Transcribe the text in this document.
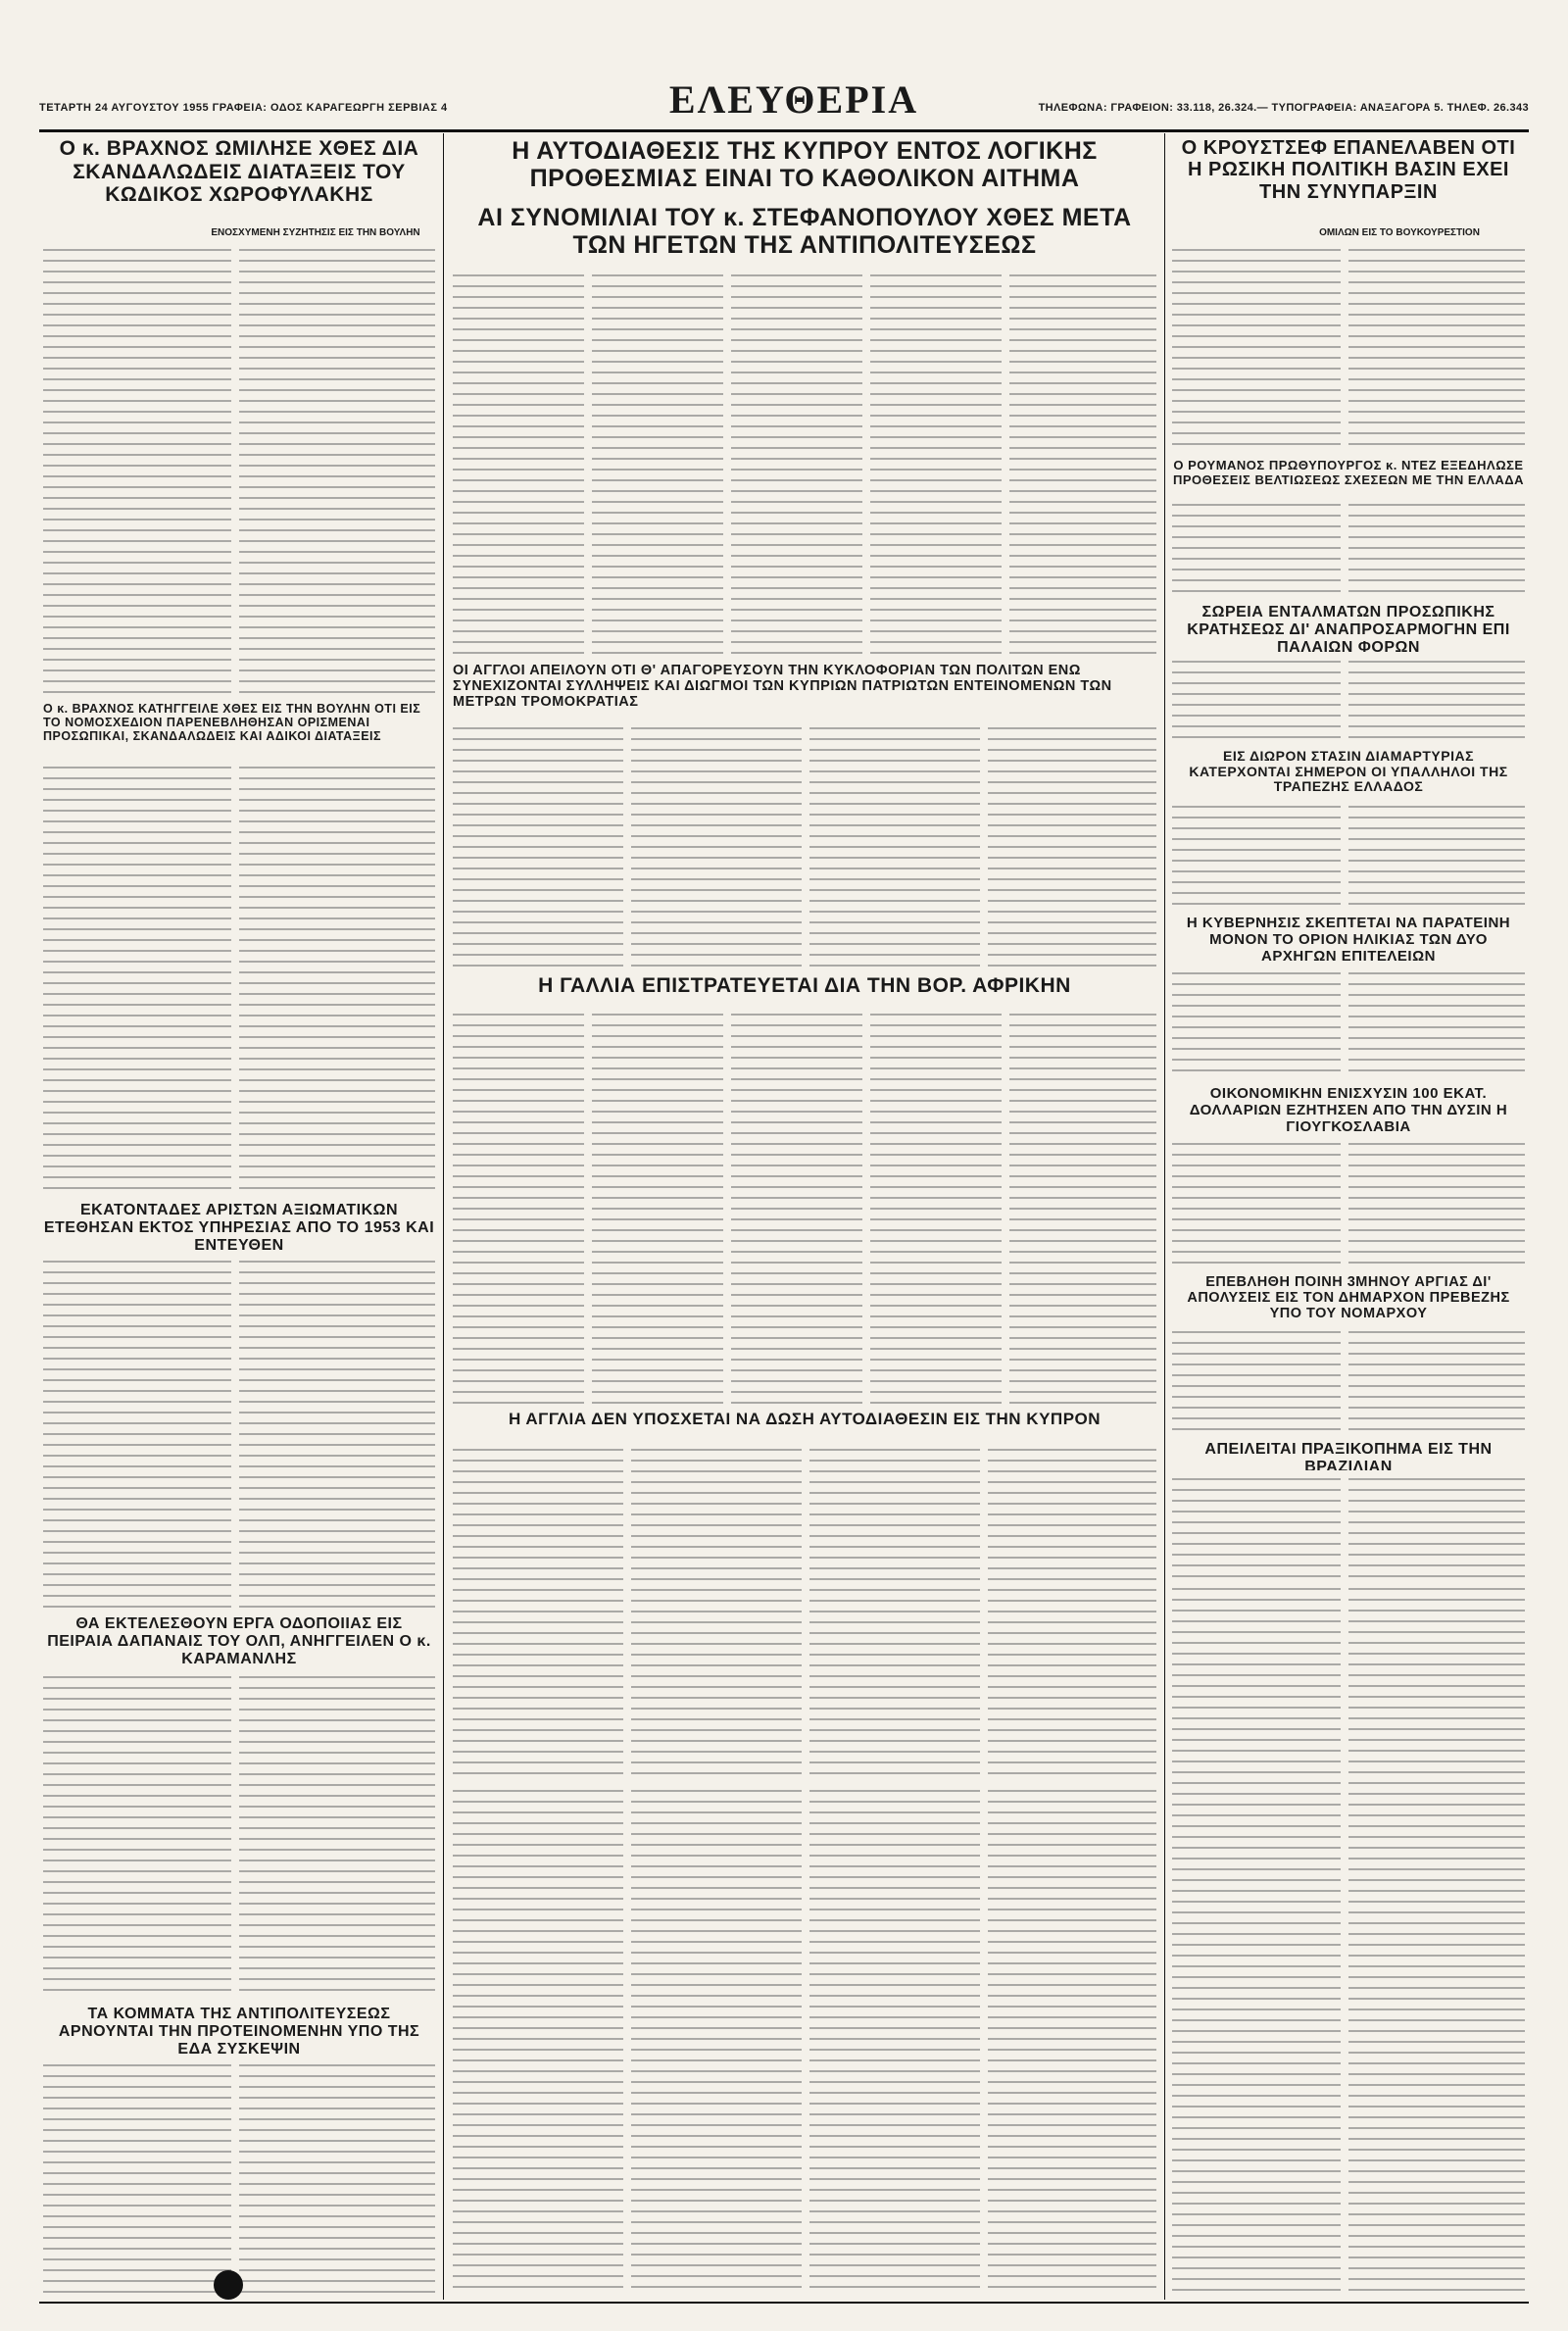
ΤΕΤΑΡΤΗ 24 ΑΥΓΟΥΣΤΟΥ 1955 ΓΡΑΦΕΙΑ: ΟΔΟΣ ΚΑΡΑΓΕΩΡΓΗ ΣΕΡΒΙΑΣ 4	ΕΛΕΥΘΕΡΙΑ	ΤΗΛΕΦΩΝΑ: ΓΡΑΦΕΙΟΝ: 33.118, 26.324.— ΤΥΠΟΓΡΑΦΕΙΑ: ΑΝΑΞΑΓΟΡΑ 5. ΤΗΛΕΦ. 26.343
Ο κ. ΒΡΑΧΝΟΣ ΩΜΙΛΗΣΕ ΧΘΕΣ ΔΙΑ ΣΚΑΝΔΑΛΩΔΕΙΣ ΔΙΑΤΑΞΕΙΣ ΤΟΥ ΚΩΔΙΚΟΣ ΧΩΡΟΦΥΛΑΚΗΣ
ΕΝΟΣΧΥΜΕΝΗ ΣΥΖΗΤΗΣΙΣ ΕΙΣ ΤΗΝ ΒΟΥΛΗΝ
Ο κ. ΒΡΑΧΝΟΣ ΚΑΤΗΓΓΕΙΛΕ ΧΘΕΣ ΕΙΣ ΤΗΝ ΒΟΥΛΗΝ ΟΤΙ ΕΙΣ ΤΟ ΝΟΜΟΣΧΕΔΙΟΝ ΠΑΡΕΝΕΒΛΗΘΗΣΑΝ ΟΡΙΣΜΕΝΑΙ ΠΡΟΣΩΠΙΚΑΙ, ΣΚΑΝΔΑΛΩΔΕΙΣ ΚΑΙ ΑΔΙΚΟΙ ΔΙΑΤΑΞΕΙΣ
ΕΚΑΤΟΝΤΑΔΕΣ ΑΡΙΣΤΩΝ ΑΞΙΩΜΑΤΙΚΩΝ ΕΤΕΘΗΣΑΝ ΕΚΤΟΣ ΥΠΗΡΕΣΙΑΣ ΑΠΟ ΤΟ 1953 ΚΑΙ ΕΝΤΕΥΘΕΝ
ΘΑ ΕΚΤΕΛΕΣΘΟΥΝ ΕΡΓΑ ΟΔΟΠΟΙΙΑΣ ΕΙΣ ΠΕΙΡΑΙΑ ΔΑΠΑΝΑΙΣ ΤΟΥ ΟΛΠ, ΑΝΗΓΓΕΙΛΕΝ Ο κ. ΚΑΡΑΜΑΝΛΗΣ
ΤΑ ΚΟΜΜΑΤΑ ΤΗΣ ΑΝΤΙΠΟΛΙΤΕΥΣΕΩΣ ΑΡΝΟΥΝΤΑΙ ΤΗΝ ΠΡΟΤΕΙΝΟΜΕΝΗΝ ΥΠΟ ΤΗΣ ΕΔΑ ΣΥΣΚΕΨΙΝ
Η ΑΥΤΟΔΙΑΘΕΣΙΣ ΤΗΣ ΚΥΠΡΟΥ ΕΝΤΟΣ ΛΟΓΙΚΗΣ ΠΡΟΘΕΣΜΙΑΣ ΕΙΝΑΙ ΤΟ ΚΑΘΟΛΙΚΟΝ ΑΙΤΗΜΑ
ΑΙ ΣΥΝΟΜΙΛΙΑΙ ΤΟΥ κ. ΣΤΕΦΑΝΟΠΟΥΛΟΥ ΧΘΕΣ ΜΕΤΑ ΤΩΝ ΗΓΕΤΩΝ ΤΗΣ ΑΝΤΙΠΟΛΙΤΕΥΣΕΩΣ
ΟΙ ΑΓΓΛΟΙ ΑΠΕΙΛΟΥΝ ΟΤΙ Θ' ΑΠΑΓΟΡΕΥΣΟΥΝ ΤΗΝ ΚΥΚΛΟΦΟΡΙΑΝ ΤΩΝ ΠΟΛΙΤΩΝ ΕΝΩ ΣΥΝΕΧΙΖΟΝΤΑΙ ΣΥΛΛΗΨΕΙΣ ΚΑΙ ΔΙΩΓΜΟΙ ΤΩΝ ΚΥΠΡΙΩΝ ΠΑΤΡΙΩΤΩΝ ΕΝΤΕΙΝΟΜΕΝΩΝ ΤΩΝ ΜΕΤΡΩΝ ΤΡΟΜΟΚΡΑΤΙΑΣ
Η ΓΑΛΛΙΑ ΕΠΙΣΤΡΑΤΕΥΕΤΑΙ ΔΙΑ ΤΗΝ ΒΟΡ. ΑΦΡΙΚΗΝ
Η ΑΓΓΛΙΑ ΔΕΝ ΥΠΟΣΧΕΤΑΙ ΝΑ ΔΩΣΗ ΑΥΤΟΔΙΑΘΕΣΙΝ ΕΙΣ ΤΗΝ ΚΥΠΡΟΝ
Ο ΚΡΟΥΣΤΣΕΦ ΕΠΑΝΕΛΑΒΕΝ ΟΤΙ Η ΡΩΣΙΚΗ ΠΟΛΙΤΙΚΗ ΒΑΣΙΝ ΕΧΕΙ ΤΗΝ ΣΥΝΥΠΑΡΞΙΝ
ΟΜΙΛΩΝ ΕΙΣ ΤΟ ΒΟΥΚΟΥΡΕΣΤΙΟΝ
Ο ΡΟΥΜΑΝΟΣ ΠΡΩΘΥΠΟΥΡΓΟΣ κ. ΝΤΕΖ ΕΞΕΔΗΛΩΣΕ ΠΡΟΘΕΣΕΙΣ ΒΕΛΤΙΩΣΕΩΣ ΣΧΕΣΕΩΝ ΜΕ ΤΗΝ ΕΛΛΑΔΑ
ΣΩΡΕΙΑ ΕΝΤΑΛΜΑΤΩΝ ΠΡΟΣΩΠΙΚΗΣ ΚΡΑΤΗΣΕΩΣ ΔΙ' ΑΝΑΠΡΟΣΑΡΜΟΓΗΝ ΕΠΙ ΠΑΛΑΙΩΝ ΦΟΡΩΝ
ΕΙΣ ΔΙΩΡΟΝ ΣΤΑΣΙΝ ΔΙΑΜΑΡΤΥΡΙΑΣ ΚΑΤΕΡΧΟΝΤΑΙ ΣΗΜΕΡΟΝ ΟΙ ΥΠΑΛΛΗΛΟΙ ΤΗΣ ΤΡΑΠΕΖΗΣ ΕΛΛΑΔΟΣ
Η ΚΥΒΕΡΝΗΣΙΣ ΣΚΕΠΤΕΤΑΙ ΝΑ ΠΑΡΑΤΕΙΝΗ ΜΟΝΟΝ ΤΟ ΟΡΙΟΝ ΗΛΙΚΙΑΣ ΤΩΝ ΔΥΟ ΑΡΧΗΓΩΝ ΕΠΙΤΕΛΕΙΩΝ
ΟΙΚΟΝΟΜΙΚΗΝ ΕΝΙΣΧΥΣΙΝ 100 ΕΚΑΤ. ΔΟΛΛΑΡΙΩΝ ΕΖΗΤΗΣΕΝ ΑΠΟ ΤΗΝ ΔΥΣΙΝ Η ΓΙΟΥΓΚΟΣΛΑΒΙΑ
ΕΠΕΒΛΗΘΗ ΠΟΙΝΗ 3ΜΗΝΟΥ ΑΡΓΙΑΣ ΔΙ' ΑΠΟΛΥΣΕΙΣ ΕΙΣ ΤΟΝ ΔΗΜΑΡΧΟΝ ΠΡΕΒΕΖΗΣ ΥΠΟ ΤΟΥ ΝΟΜΑΡΧΟΥ
ΑΠΕΙΛΕΙΤΑΙ ΠΡΑΞΙΚΟΠΗΜΑ ΕΙΣ ΤΗΝ ΒΡΑΖΙΛΙΑΝ
